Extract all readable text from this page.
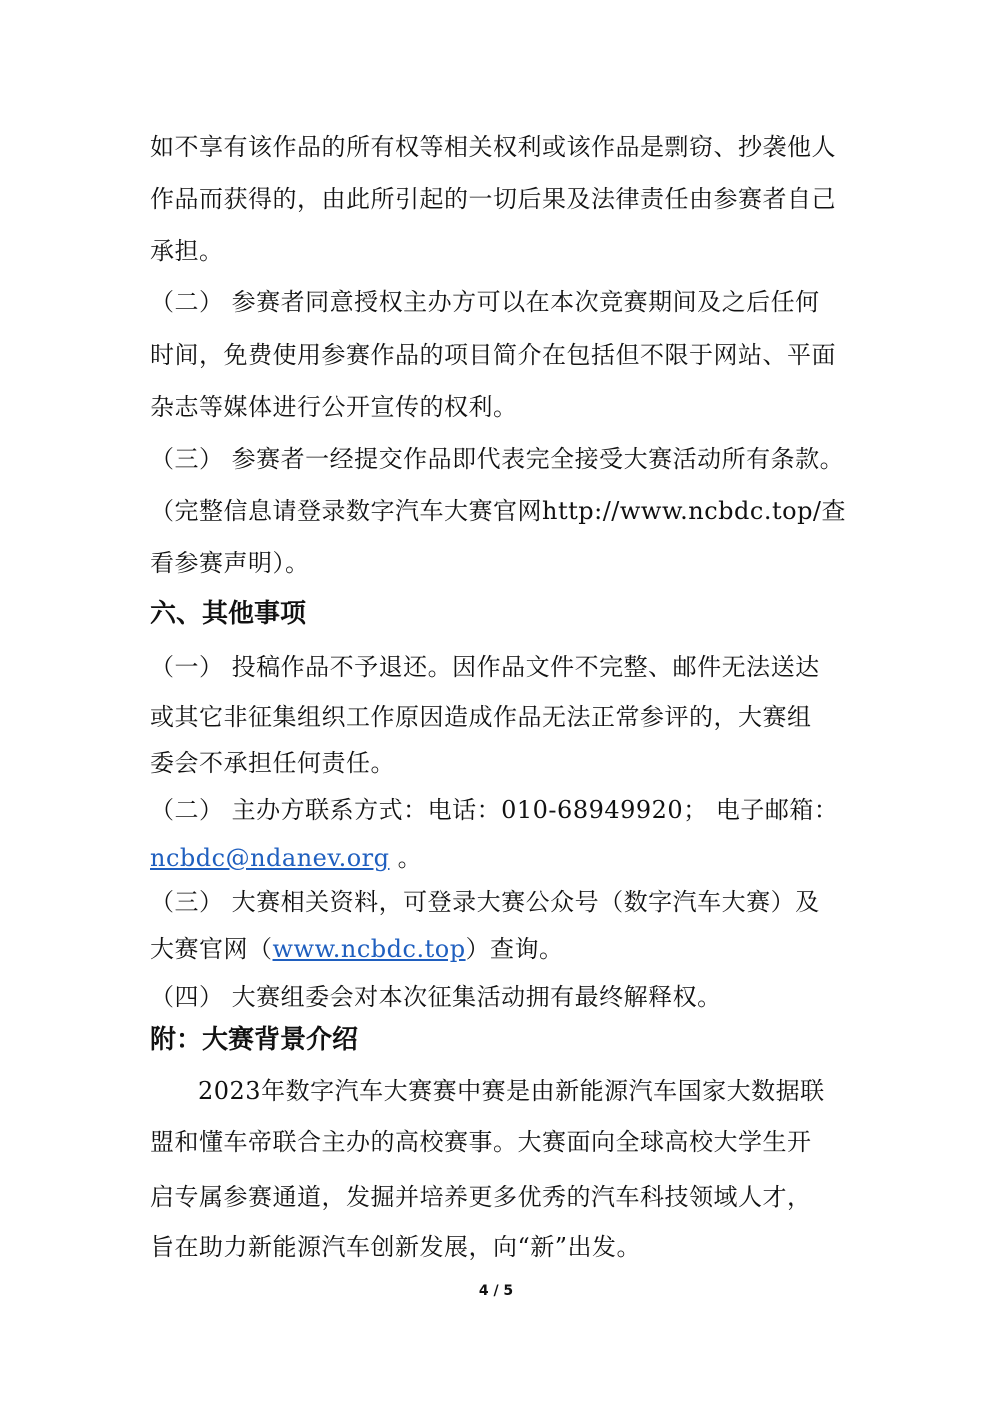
如不享有该作品的所有权等相关权利或该作品是剽窃、抄袭他人
作品而获得的，由此所引起的一切后果及法律责任由参赛者自己
承担。
（二） 参赛者同意授权主办方可以在本次竞赛期间及之后任何
时间，免费使用参赛作品的项目简介在包括但不限于网站、平面
杂志等媒体进行公开宣传的权利。
（三） 参赛者一经提交作品即代表完全接受大赛活动所有条款。
（完整信息请登录数字汽车大赛官网http://www.ncbdc.top/查
看参赛声明）。
六、其他事项
（一） 投稿作品不予退还。因作品文件不完整、邮件无法送达
或其它非征集组织工作原因造成作品无法正常参评的，大赛组
委会不承担任何责任。
（二） 主办方联系方式：电话：010-68949920； 电子邮箱：
ncbdc@ndanev.org 。
（三） 大赛相关资料，可登录大赛公众号（数字汽车大赛）及
大赛官网（www.ncbdc.top）查询。
（四） 大赛组委会对本次征集活动拥有最终解释权。
附：大赛背景介绍
2023年数字汽车大赛赛中赛是由新能源汽车国家大数据联
盟和懂车帝联合主办的高校赛事。大赛面向全球高校大学生开
启专属参赛通道，发掘并培养更多优秀的汽车科技领域人才，
旨在助力新能源汽车创新发展，向“新”出发。
4 / 5
